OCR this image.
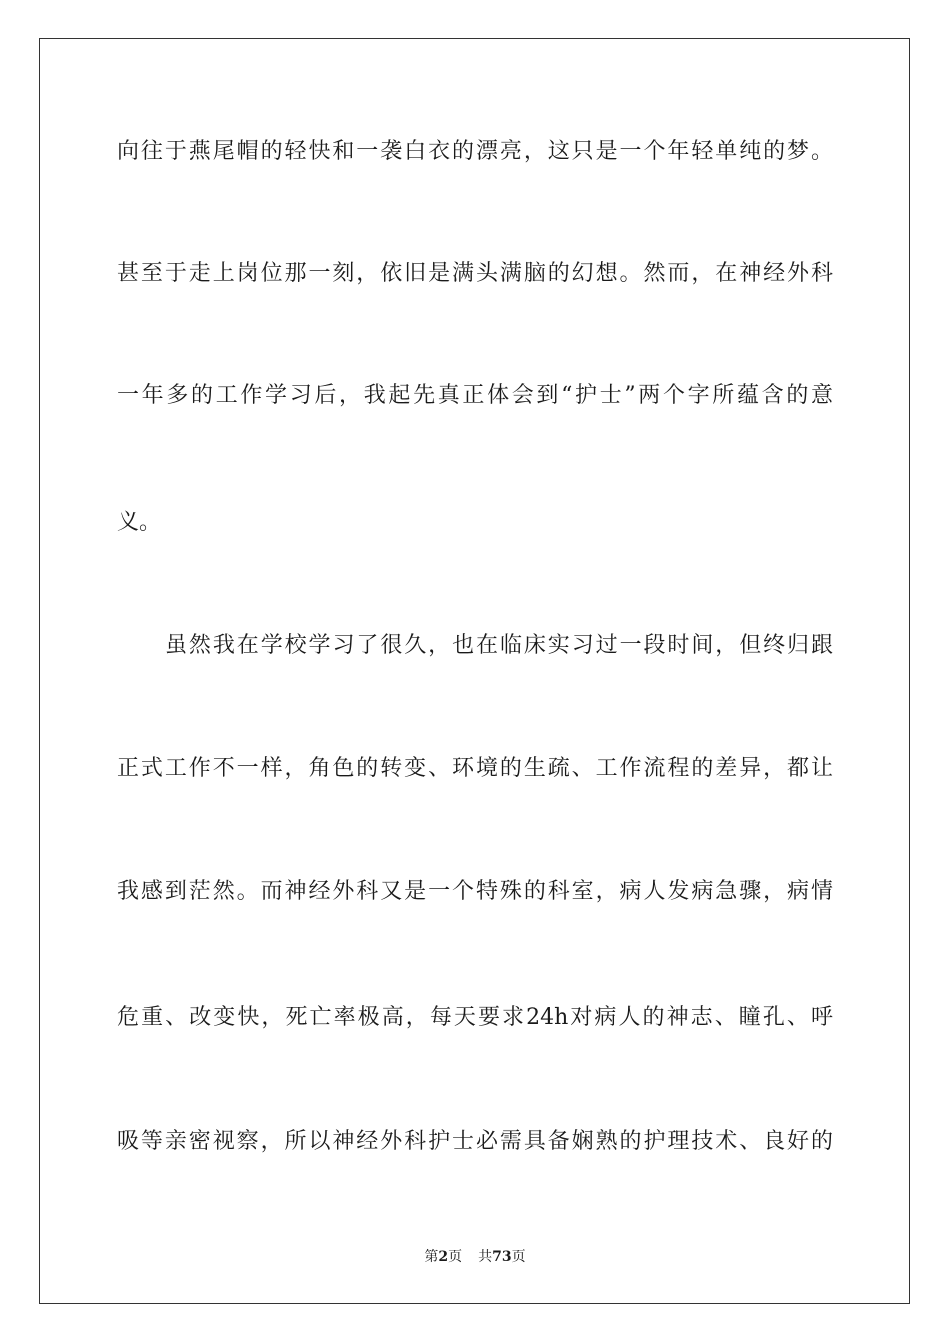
向往于燕尾帽的轻快和一袭白衣的漂亮，这只是一个年轻单纯的梦。
甚至于走上岗位那一刻，依旧是满头满脑的幻想。然而，在神经外科
一年多的工作学习后，我起先真正体会到“护士”两个字所蕴含的意
义。
虽然我在学校学习了很久，也在临床实习过一段时间，但终归跟
正式工作不一样，角色的转变、环境的生疏、工作流程的差异，都让
我感到茫然。而神经外科又是一个特殊的科室，病人发病急骤，病情
危重、改变快，死亡率极高，每天要求24h对病人的神志、瞳孔、呼
吸等亲密视察，所以神经外科护士必需具备娴熟的护理技术、良好的
第2页 共73页
